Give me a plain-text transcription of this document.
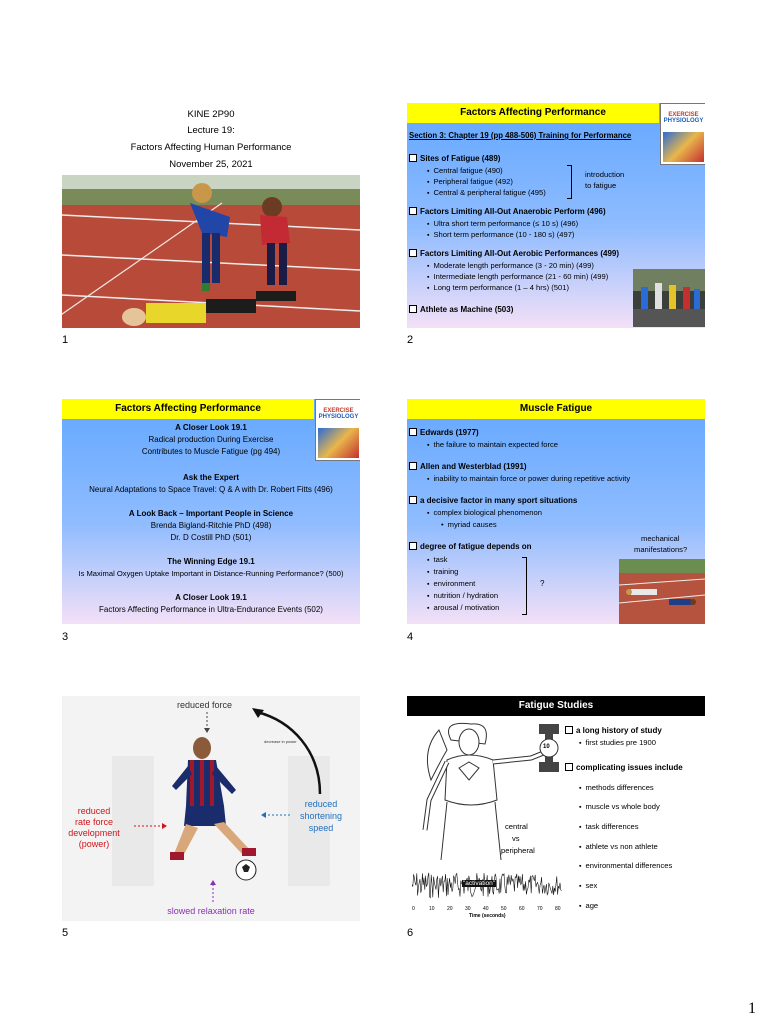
KINE 2P90
Lecture 19:
Factors Affecting Human Performance
November 25, 2021
1
Factors Affecting Performance
Section 3: Chapter 19 (pp 488-506) Training for Performance
Sites of Fatigue (489)
▪ Central fatigue (490)
▪ Peripheral fatigue (492)
▪ Central & peripheral fatigue (495)
introduction
to fatigue
Factors Limiting All-Out Anaerobic Perform (496)
▪ Ultra short term performance (≤ 10 s) (496)
▪ Short term performance (10 - 180 s) (497)
Factors Limiting All-Out Aerobic Performances (499)
▪ Moderate length performance (3 - 20 min) (499)
▪ Intermediate length performance (21 - 60 min) (499)
▪ Long term performance (1 – 4 hrs) (501)
Athlete as Machine (503)
EXERCISE
PHYSIOLOGY
2
Factors Affecting Performance
A Closer Look 19.1
Radical production During Exercise
Contributes to Muscle Fatigue (pg 494)
Ask the Expert
Neural Adaptations to Space Travel: Q & A with Dr. Robert Fitts (496)
A Look Back – Important People in Science
Brenda Bigland-Ritchie PhD (498)
Dr. D Costill PhD (501)
The Winning Edge 19.1
Is Maximal Oxygen Uptake Important in Distance-Running Performance? (500)
A Closer Look 19.1
Factors Affecting Performance in Ultra-Endurance Events (502)
EXERCISE
PHYSIOLOGY
3
Muscle Fatigue
Edwards (1977)
▪ the failure to maintain expected force
Allen and Westerblad (1991)
▪ inability to maintain force or power during repetitive activity
a decisive factor in many sport situations
▪ complex biological phenomenon
• myriad causes
degree of fatigue depends on
▪ task
▪ training
▪ environment
▪ nutrition / hydration
▪ arousal / motivation
?
mechanical
manifestations?
4
reduced force
decrease in power
reduced
rate force
development
(power)
reduced
shortening
speed
slowed relaxation rate
5
Fatigue Studies
10
central
vs
peripheral
"activation"
0	10 20 30 40 50 60 70 80
Time (seconds)
a long history of study
▪ first studies pre 1900
complicating issues include
▪ methods differences
▪ muscle vs whole body
▪ task differences
▪ athlete vs non athlete
▪ environmental differences
▪ sex
▪ age
6
1
